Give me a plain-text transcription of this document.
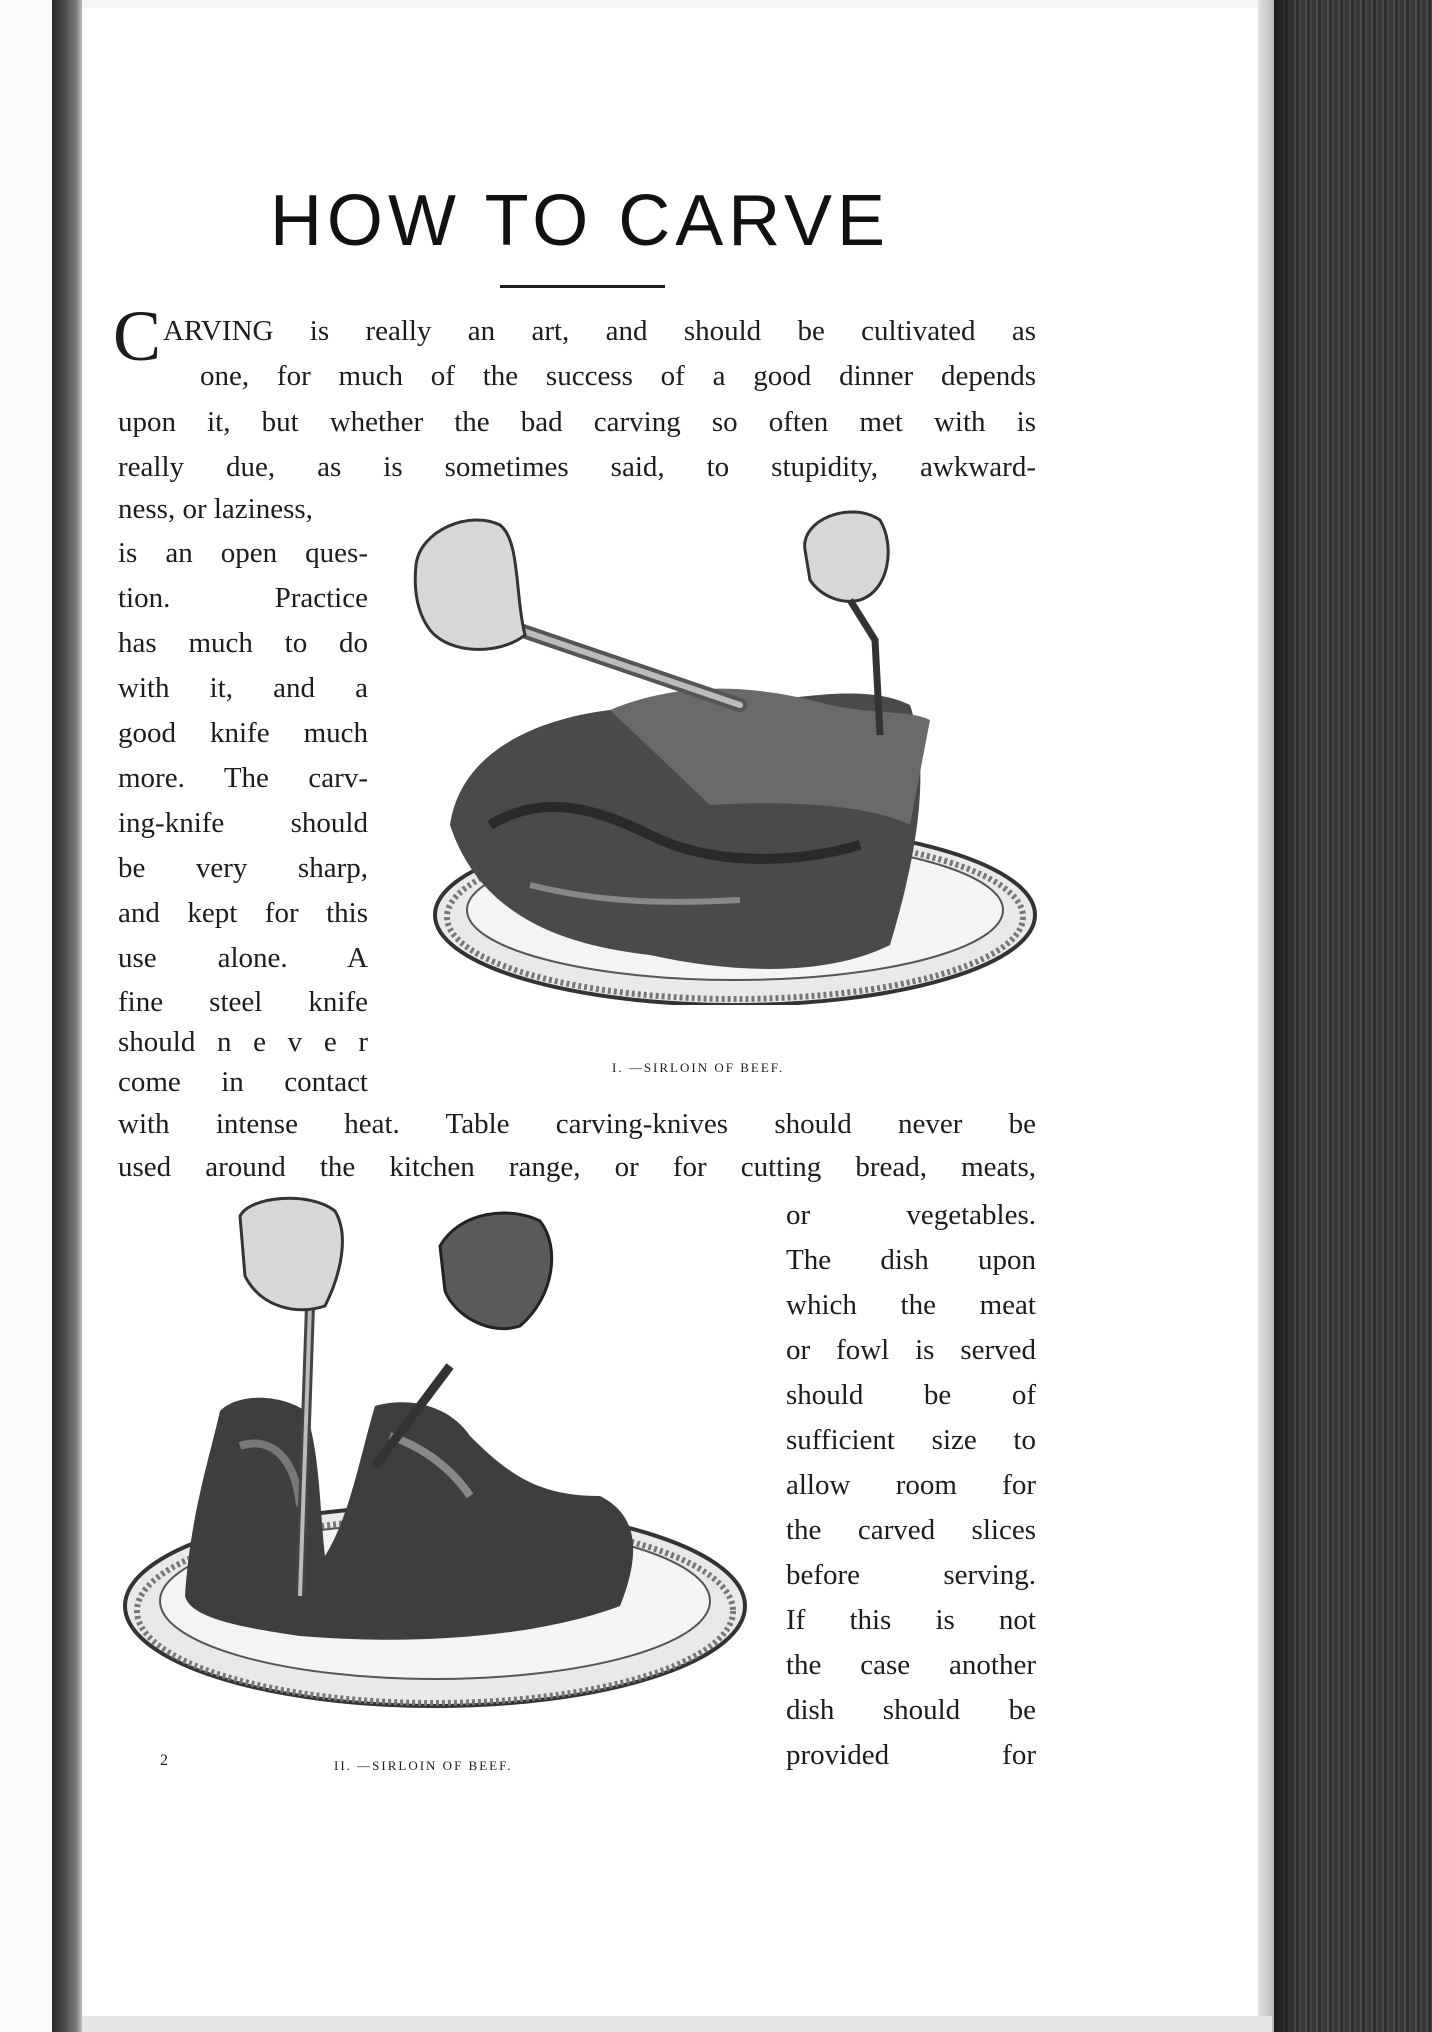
HOW TO CARVE
C ARVING is really an art, and should be cultivated as

one, for much of the success of a good dinner depends

upon it, but whether the bad carving so often met with is

really due, as is sometimes said, to stupidity, awkward-

ness, or laziness,

is an open ques-

tion. Practice

has much to do

with it, and a

good knife much

more. The carv-

ing-knife should

be very sharp,

and kept for this

use alone. A

fine steel knife

should n e v e r

come in contact

with intense heat. Table carving-knives should never be

used around the kitchen range, or for cutting bread, meats,

or vegetables.

The dish upon

which the meat

or fowl is served

should be of

sufficient size to

allow room for

the carved slices

before serving.

If this is not

the case another

dish should be

provided for

I. —SIRLOIN OF BEEF.
II. —SIRLOIN OF BEEF.
2
